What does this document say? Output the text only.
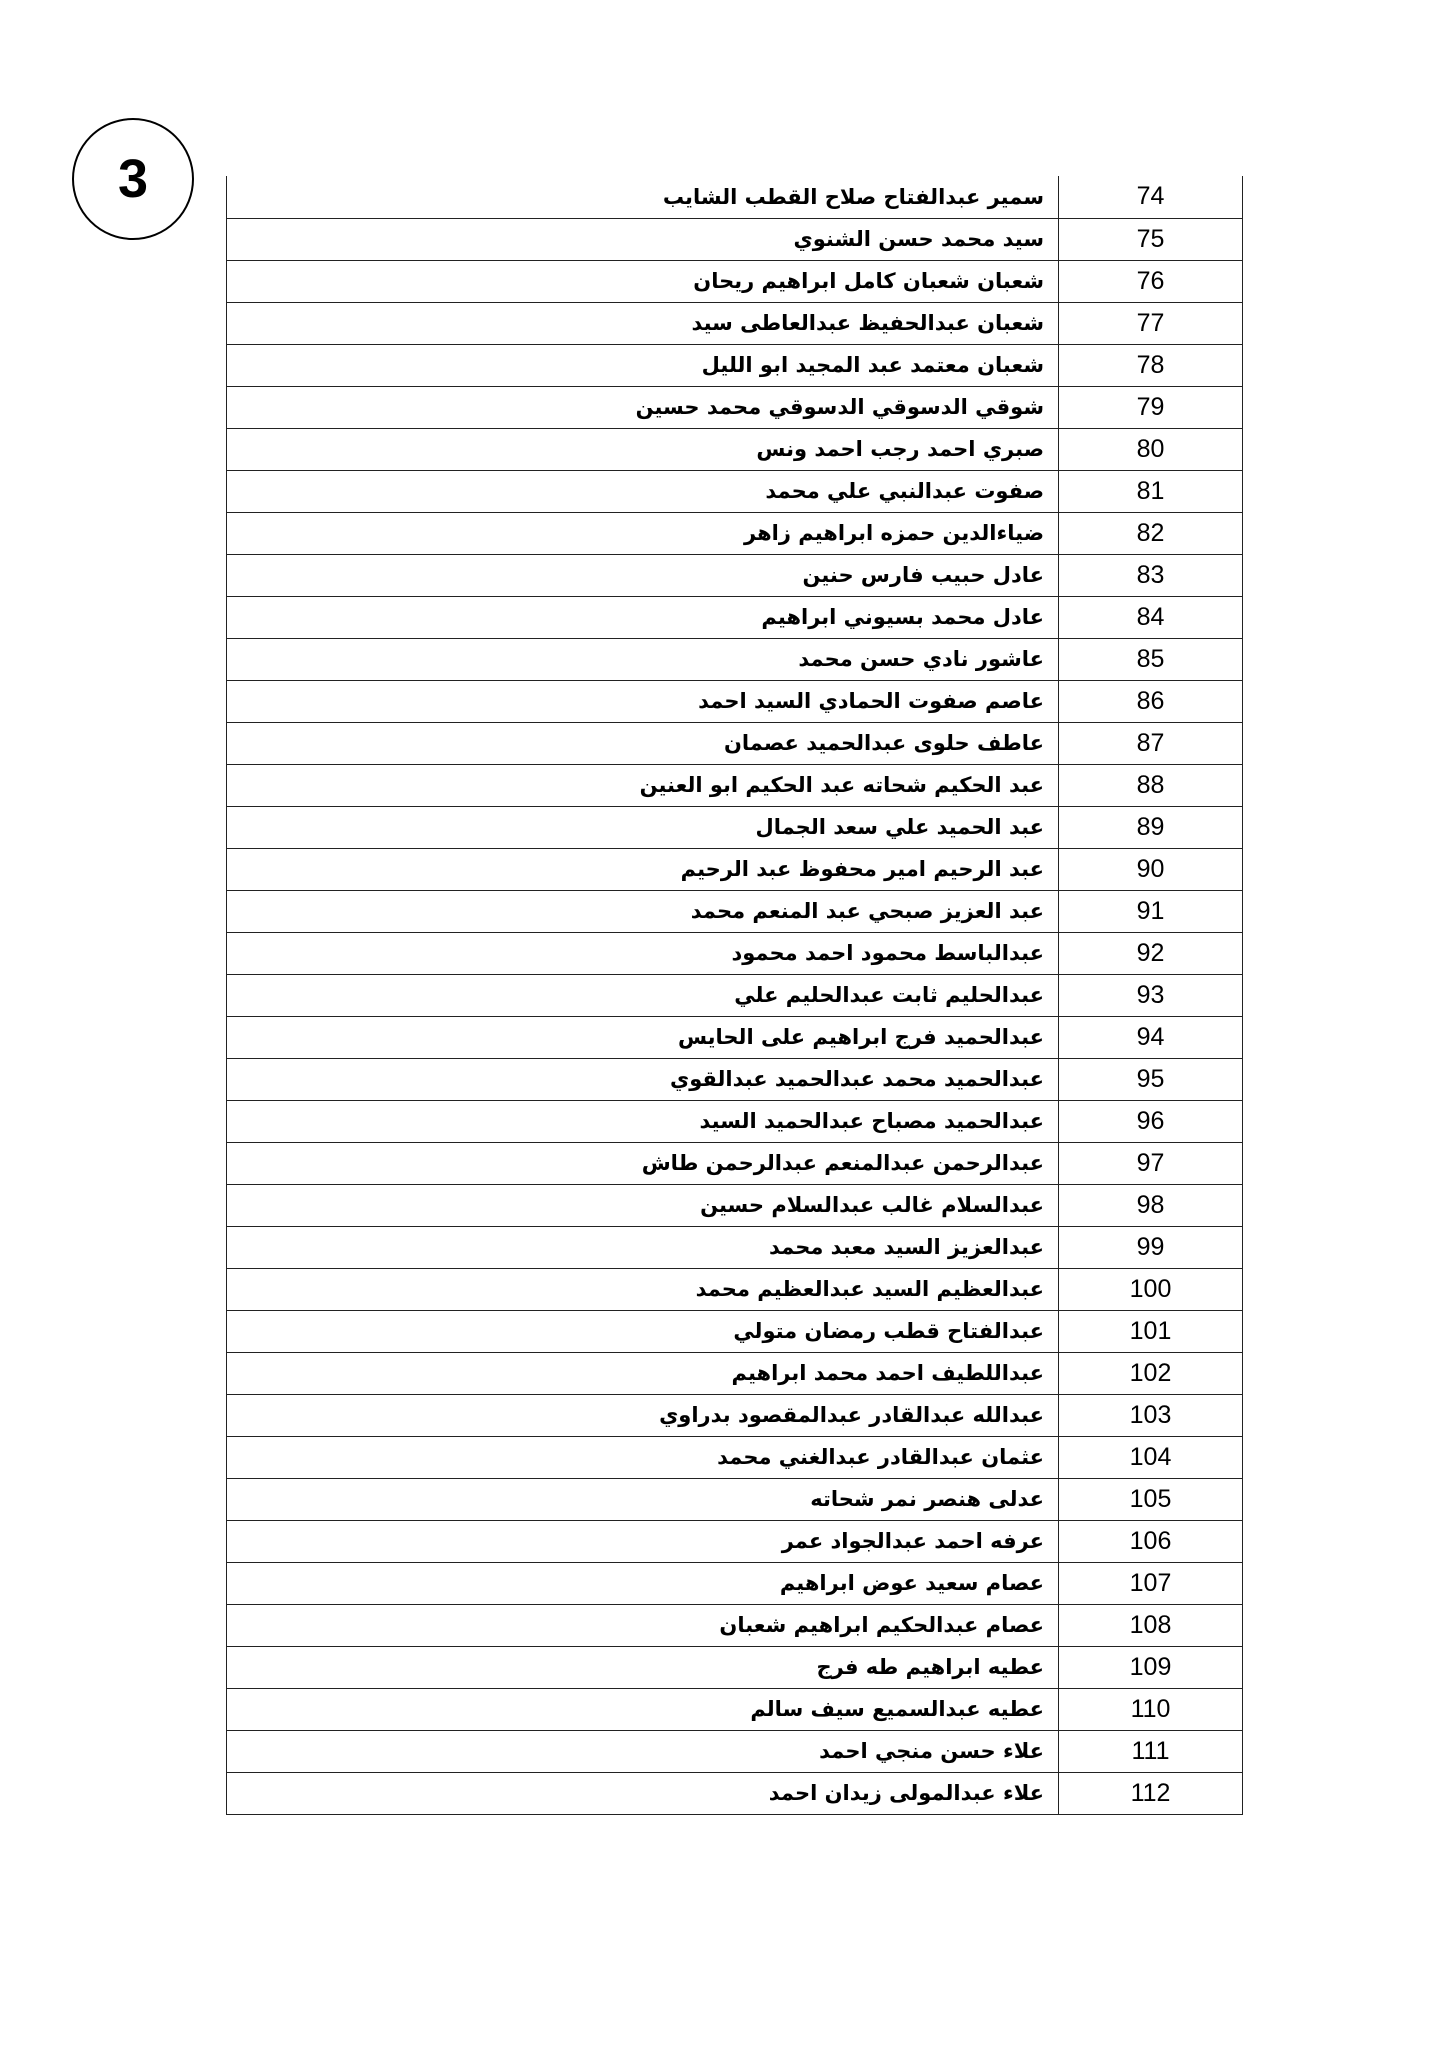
3	سمير عبدالفتاح صلاح القطب الشايب	74
سيد محمد حسن الشنوي	75
شعبان شعبان كامل ابراهيم ريحان	76
شعبان عبدالحفيظ عبدالعاطى سيد	77
شعبان معتمد عبد المجيد ابو الليل	78
شوقي الدسوقي الدسوقي محمد حسين	79
صبري احمد رجب احمد ونس	80
صفوت عبدالنبي علي محمد	81
ضياءالدين حمزه ابراهيم زاهر	82
عادل حبيب فارس حنين	83
عادل محمد بسيوني ابراهيم	84
عاشور نادي حسن محمد	85
عاصم صفوت الحمادي السيد احمد	86
عاطف حلوى عبدالحميد عصمان	87
عبد الحكيم شحاته عبد الحكيم ابو العنين	88
عبد الحميد علي سعد الجمال	89
عبد الرحيم امير محفوظ عبد الرحيم	90
عبد العزيز صبحي عبد المنعم محمد	91
عبدالباسط محمود احمد محمود	92
عبدالحليم ثابت عبدالحليم علي	93
عبدالحميد فرج ابراهيم على الحايس	94
عبدالحميد محمد عبدالحميد عبدالقوي	95
عبدالحميد مصباح عبدالحميد السيد	96
عبدالرحمن عبدالمنعم عبدالرحمن طاش	97
عبدالسلام غالب عبدالسلام حسين	98
عبدالعزيز السيد معبد محمد	99
عبدالعظيم السيد عبدالعظيم محمد	100
عبدالفتاح قطب رمضان متولي	101
عبداللطيف احمد محمد ابراهيم	102
عبدالله عبدالقادر عبدالمقصود بدراوي	103
عثمان عبدالقادر عبدالغني محمد	104
عدلى هنصر نمر شحاته	105
عرفه احمد عبدالجواد عمر	106
عصام سعيد عوض ابراهيم	107
عصام عبدالحكيم ابراهيم شعبان	108
عطيه ابراهيم طه فرج	109
عطيه عبدالسميع سيف سالم	110
علاء حسن منجي احمد	111
علاء عبدالمولى زيدان احمد	112
